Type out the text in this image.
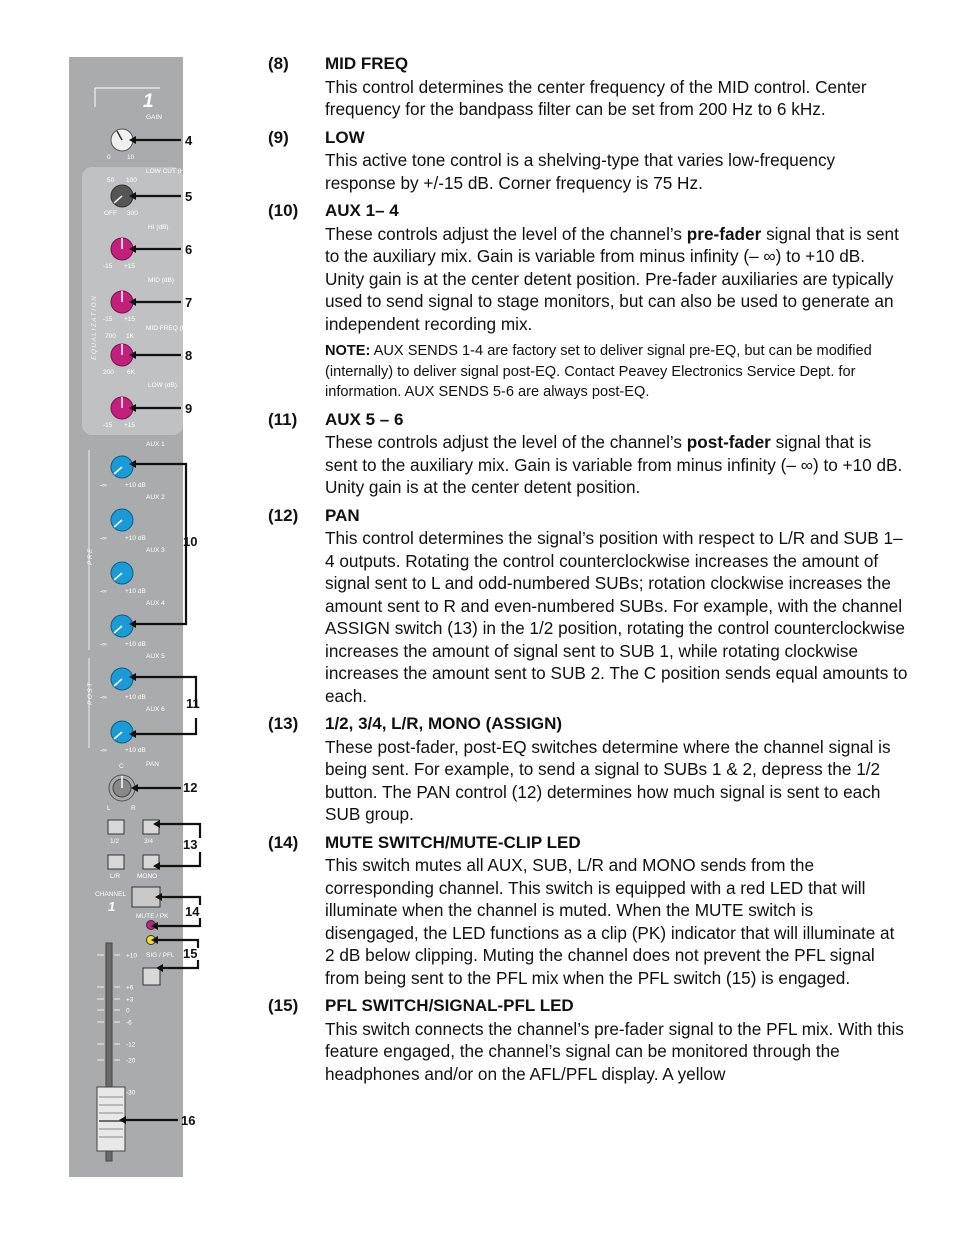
1
EQUALIZATION
PRE
POST
GAIN
0	10
50 100
LOW CUT (Hz)
OFF 300
HI (dB)
-15 +15
MID (dB)
-15 +15
700 1K
MID FREQ (Hz)
200 6K
LOW (dB)
-15 +15
AUX 1
-∞	+10 dB
AUX 2
-∞	+10 dB
AUX 3
-∞	+10 dB
AUX 4
-∞	+10 dB
AUX 5
-∞	+10 dB
AUX 6
-∞	+10 dB
C	PAN
L	R
1/2	3/4
L/R	MONO
CHANNEL
1
MUTE / PK
SIG / PFL
+10
+6
+3
0
-6
-12
-20
-30
4
5
6
7
8
9
10
11
12
13
14
15
16
(8) MID FREQ
This control determines the center frequency of the MID control. Center frequency for the bandpass filter can be set from 200 Hz to 6 kHz.
(9) LOW
This active tone control is a shelving-type that varies low-frequency response by +/-15 dB. Corner frequency is 75 Hz.
(10) AUX 1– 4
These controls adjust the level of the channel’s pre-fader signal that is sent to the auxiliary mix. Gain is variable from minus infinity (– ∞) to +10 dB. Unity gain is at the center detent position. Pre-fader auxiliaries are typically used to send signal to stage monitors, but can also be used to generate an independent recording mix.
NOTE: AUX SENDS 1-4 are factory set to deliver signal pre-EQ, but can be modified (internally) to deliver signal post-EQ. Contact Peavey Electronics Service Dept. for information. AUX SENDS 5-6 are always post-EQ.
(11) AUX 5 – 6
These controls adjust the level of the channel’s post-fader signal that is sent to the auxiliary mix. Gain is variable from minus infinity (– ∞) to +10 dB. Unity gain is at the center detent position.
(12) PAN
This control determines the signal’s position with respect to L/R and SUB 1– 4 outputs. Rotating the control counterclockwise increases the amount of signal sent to L and odd-numbered SUBs; rotation clockwise increases the amount sent to R and even-numbered SUBs. For example, with the channel ASSIGN switch (13) in the 1/2 position, rotating the control counterclockwise increases the amount of signal sent to SUB 1, while rotating clockwise increases the amount sent to SUB 2. The C position sends equal amounts to each.
(13) 1/2, 3/4, L/R, MONO (ASSIGN)
These post-fader, post-EQ switches determine where the channel signal is being sent. For example, to send a signal to SUBs 1 & 2, depress the 1/2 button. The PAN control (12) determines how much signal is sent to each SUB group.
(14) MUTE SWITCH/MUTE-CLIP LED
This switch mutes all AUX, SUB, L/R and MONO sends from the corresponding channel. This switch is equipped with a red LED that will illuminate when the channel is muted. When the MUTE switch is disengaged, the LED functions as a clip (PK) indicator that will illuminate at 2 dB below clipping. Muting the channel does not prevent the PFL signal from being sent to the PFL mix when the PFL switch (15) is engaged.
(15) PFL SWITCH/SIGNAL-PFL LED
This switch connects the channel’s pre-fader signal to the PFL mix. With this feature engaged, the channel’s signal can be monitored through the headphones and/or on the AFL/PFL display. A yellow
